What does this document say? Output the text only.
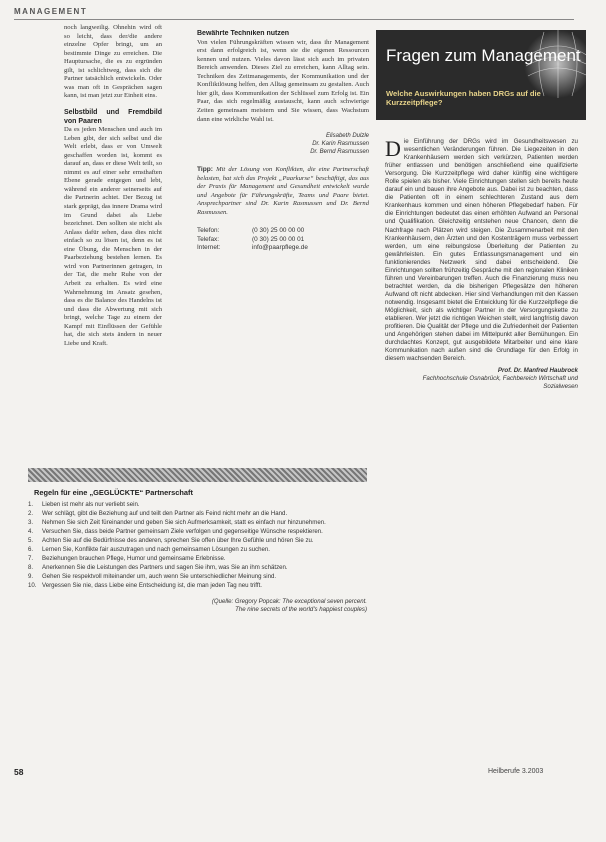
MANAGEMENT

noch langweilig. Ohnehin wird oft so leicht, dass der/die andere einzelne Opfer bringt, um an bestimmte Dinge zu erreichen. Die Hauptursache, die es zu ergründen gilt, ist schlichtweg, dass sich die Partner tatsächlich entwickeln. Oder was man oft in Gesprächen sagen kann, ist man jetzt zur Einheit eins.

Selbstbild und Fremdbild von Paaren

Da es jeden Menschen und auch im Leben gibt, der sich selbst und die Welt erlebt, dass er von Umwelt geschaffen worden ist, kommt es darauf an, dass er diese Welt teilt, so nimmt es auf einer sehr ernsthaften Ebene gerade entgegen und lebt, während ein anderer seinerseits auf die Partnerin achtet. Der Bezug ist stark geprägt, das innere Drama wird im Grund dabei als Liebe bezeichnet. Den sollten sie nicht als Anlass dafür sehen, dass dies nicht einfach so zu lösen ist, denn es ist eine Übung, die Menschen in der Paarbeziehung bestehen lernen. Es wird von Partnerinnen getragen, in der Tat, die mehr Ruhe von der Arbeit zu erhalten. Es wird eine Wahrnehmung im Ansatz gesehen, dass es die Balance des Handelns ist und dass die Abwertung mit sich bringt, welche Tage zu einem der Kampf mit Einflüssen der Gefühle hat, die sich stets ändern in neuer Liebe und Kraft.

Bewährte Techniken nutzen

Von vielen Führungskräften wissen wir, dass ihr Management erst dann erfolgreich ist, wenn sie die eigenen Ressourcen kennen und nutzen. Vieles davon lässt sich auch im privaten Bereich anwenden. Dieses Ziel zu erreichen, kann Alltag sein. Techniken des Zeitmanagements, der Kommunikation und der Konfliktlösung helfen, den Alltag gemeinsam zu gestalten. Auch hier gilt, dass Kommunikation der Schlüssel zum Erfolg ist. Ein Paar, das sich regelmäßig austauscht, kann auch schwierige Zeiten gemeinsam meistern und Sie wissen, dass Wachstum dann eine wirkliche Wahl ist.

Elisabeth Dulzle
Dr. Karin Rasmussen
Dr. Bernd Rasmussen

Tipp: Mit der Lösung von Konflikten, die eine Partnerschaft belasten, hat sich das Projekt „Paarkurse“ beschäftigt, das aus der Praxis für Management und Gesundheit entwickelt wurde und Angebote für Führungskräfte, Teams und Paare bietet. Ansprechpartner sind Dr. Karin Rasmussen und Dr. Bernd Rasmussen.

Telefon:	(0 30) 25 00 00 00
Telefax:	(0 30) 25 00 00 01
Internet:	info@paarpflege.de
Fragen zum Management
Welche Auswirkungen haben DRGs auf die Kurzzeitpflege?

Die Einführung der DRGs wird im Gesundheitswesen zu wesentlichen Veränderungen führen. Die Liegezeiten in den Krankenhäusern werden sich verkürzen, Patienten werden früher entlassen und benötigen anschließend eine qualifizierte Versorgung. Die Kurzzeitpflege wird daher künftig eine wichtigere Rolle spielen als bisher. Viele Einrichtungen stellen sich bereits heute darauf ein und bauen ihre Angebote aus. Dabei ist zu beachten, dass die Patienten oft in einem schlechteren Zustand aus dem Krankenhaus kommen und einen höheren Pflegebedarf haben. Für die Einrichtungen bedeutet das einen erhöhten Aufwand an Personal und Qualifikation. Gleichzeitig entstehen neue Chancen, denn die Nachfrage nach Plätzen wird steigen. Die Zusammenarbeit mit den Krankenhäusern, den Ärzten und den Kostenträgern muss verbessert werden, um eine reibungslose Überleitung der Patienten zu gewährleisten. Ein gutes Entlassungsmanagement und ein funktionierendes Netzwerk sind dabei entscheidend. Die Einrichtungen sollten frühzeitig Gespräche mit den regionalen Kliniken führen und Vereinbarungen treffen. Auch die Finanzierung muss neu betrachtet werden, da die bisherigen Pflegesätze den höheren Aufwand oft nicht abdecken. Hier sind Verhandlungen mit den Kassen notwendig. Insgesamt bietet die Entwicklung für die Kurzzeitpflege die Möglichkeit, sich als wichtiger Partner in der Versorgungskette zu etablieren. Wer jetzt die richtigen Weichen stellt, wird langfristig davon profitieren. Die Qualität der Pflege und die Zufriedenheit der Patienten und Angehörigen stehen dabei im Mittelpunkt aller Bemühungen. Ein durchdachtes Konzept, gut ausgebildete Mitarbeiter und eine klare Kommunikation nach außen sind die Grundlage für den Erfolg in diesem wachsenden Bereich.

Prof. Dr. Manfred Haubrock
Fachhochschule Osnabrück, Fachbereich Wirtschaft und
Sozialwesen
Regeln für eine „GEGLÜCKTE“ Partnerschaft
1.	Lieben ist mehr als nur verliebt sein.
2.	Wer schlägt, gibt die Beziehung auf und teilt den Partner als Feind nicht mehr an die Hand.
3.	Nehmen Sie sich Zeit füreinander und geben Sie sich Aufmerksamkeit, statt es einfach nur hinzunehmen.
4.	Versuchen Sie, dass beide Partner gemeinsam Ziele verfolgen und gegenseitige Wünsche respektieren.
5.	Achten Sie auf die Bedürfnisse des anderen, sprechen Sie offen über Ihre Gefühle und hören Sie zu.
6.	Lernen Sie, Konflikte fair auszutragen und nach gemeinsamen Lösungen zu suchen.
7.	Beziehungen brauchen Pflege, Humor und gemeinsame Erlebnisse.
8.	Anerkennen Sie die Leistungen des Partners und sagen Sie ihm, was Sie an ihm schätzen.
9.	Gehen Sie respektvoll miteinander um, auch wenn Sie unterschiedlicher Meinung sind.
10. Vergessen Sie nie, dass Liebe eine Entscheidung ist, die man jeden Tag neu trifft.
(Quelle: Gregory Popcak: The exceptional seven percent.
The nine secrets of the world's happiest couples)
58	Heilberufe 3.2003
